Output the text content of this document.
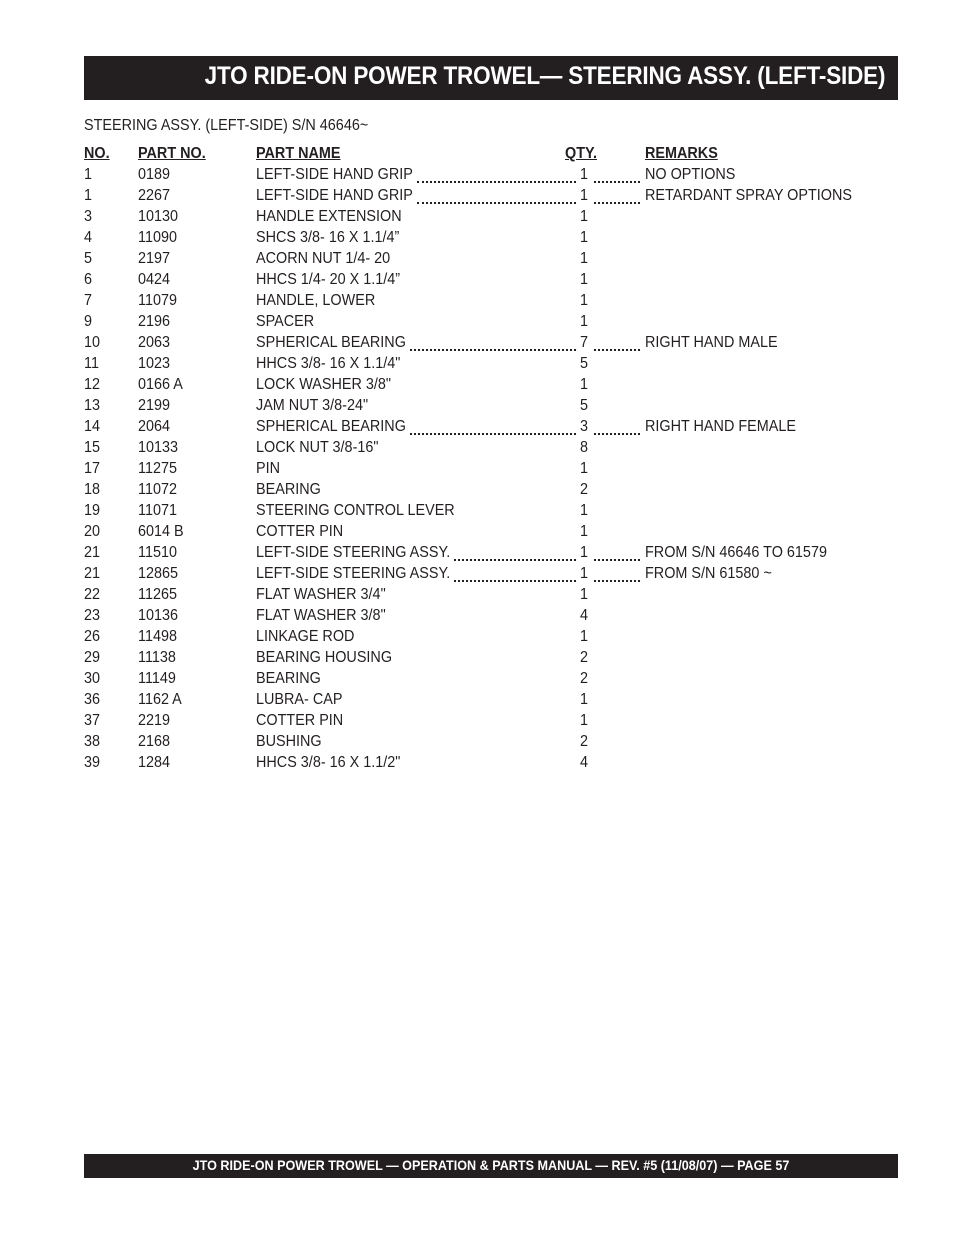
JTO RIDE-ON POWER TROWEL— STEERING ASSY. (LEFT-SIDE)
STEERING ASSY. (LEFT-SIDE) S/N 46646~
NO. PART NO.	PART NAME	QTY.	REMARKS
1	0189	LEFT-SIDE HAND GRIP	1	NO OPTIONS
1	2267	LEFT-SIDE HAND GRIP	1	RETARDANT SPRAY OPTIONS
3	10130	HANDLE EXTENSION	1
4	11090	SHCS 3/8- 16 X 1.1/4”	1
5	2197	ACORN NUT 1/4- 20	1
6	0424	HHCS 1/4- 20 X 1.1/4”	1
7	11079	HANDLE, LOWER	1
9	2196	SPACER	1
10 2063	SPHERICAL BEARING	7	RIGHT HAND MALE
11 1023	HHCS 3/8- 16 X 1.1/4"	5
12 0166 A	LOCK WASHER 3/8"	1
13 2199	JAM NUT 3/8-24"	5
14 2064	SPHERICAL BEARING	3	RIGHT HAND FEMALE
15 10133	LOCK NUT 3/8-16"	8
17 11275	PIN	1
18 11072	BEARING	2
19 11071	STEERING CONTROL LEVER	1
20 6014 B	COTTER PIN	1
21 11510	LEFT-SIDE STEERING ASSY.	1	FROM S/N 46646 TO 61579
21 12865	LEFT-SIDE STEERING ASSY.	1	FROM S/N 61580 ~
22 11265	FLAT WASHER 3/4"	1
23 10136	FLAT WASHER 3/8"	4
26 11498	LINKAGE ROD	1
29 11138	BEARING HOUSING	2
30 11149	BEARING	2
36 1162 A	LUBRA- CAP	1
37 2219	COTTER PIN	1
38 2168	BUSHING	2
39 1284	HHCS 3/8- 16 X 1.1/2"	4
JTO RIDE-ON POWER TROWEL — OPERATION & PARTS MANUAL — REV. #5 (11/08/07) — PAGE 57
